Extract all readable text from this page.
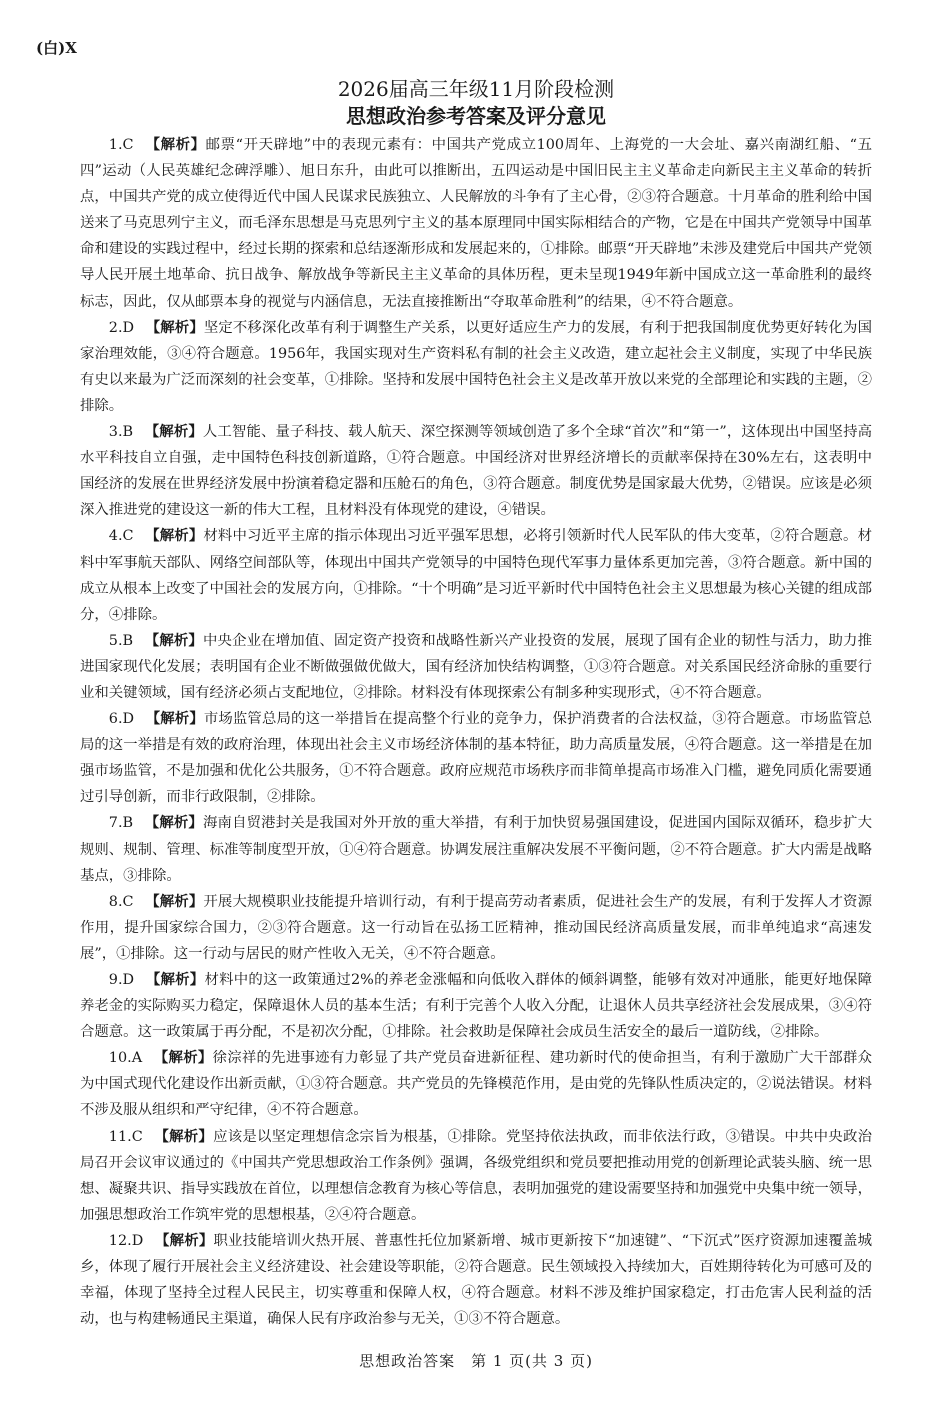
(白)X
2026届高三年级11月阶段检测
思想政治参考答案及评分意见

1.C 【解析】邮票“开天辟地”中的表现元素有：中国共产党成立100周年、上海党的一大会址、嘉兴南湖红船、“五四”运动（人民英雄纪念碑浮雕）、旭日东升，由此可以推断出，五四运动是中国旧民主主义革命走向新民主主义革命的转折点，中国共产党的成立使得近代中国人民谋求民族独立、人民解放的斗争有了主心骨，②③符合题意。十月革命的胜利给中国送来了马克思列宁主义，而毛泽东思想是马克思列宁主义的基本原理同中国实际相结合的产物，它是在中国共产党领导中国革命和建设的实践过程中，经过长期的探索和总结逐渐形成和发展起来的，①排除。邮票“开天辟地”未涉及建党后中国共产党领导人民开展土地革命、抗日战争、解放战争等新民主主义革命的具体历程，更未呈现1949年新中国成立这一革命胜利的最终标志，因此，仅从邮票本身的视觉与内涵信息，无法直接推断出“夺取革命胜利”的结果，④不符合题意。

2.D 【解析】坚定不移深化改革有利于调整生产关系，以更好适应生产力的发展，有利于把我国制度优势更好转化为国家治理效能，③④符合题意。1956年，我国实现对生产资料私有制的社会主义改造，建立起社会主义制度，实现了中华民族有史以来最为广泛而深刻的社会变革，①排除。坚持和发展中国特色社会主义是改革开放以来党的全部理论和实践的主题，②排除。

3.B 【解析】人工智能、量子科技、载人航天、深空探测等领域创造了多个全球“首次”和“第一”，这体现出中国坚持高水平科技自立自强，走中国特色科技创新道路，①符合题意。中国经济对世界经济增长的贡献率保持在30%左右，这表明中国经济的发展在世界经济发展中扮演着稳定器和压舱石的角色，③符合题意。制度优势是国家最大优势，②错误。应该是必须深入推进党的建设这一新的伟大工程，且材料没有体现党的建设，④错误。

4.C 【解析】材料中习近平主席的指示体现出习近平强军思想，必将引领新时代人民军队的伟大变革，②符合题意。材料中军事航天部队、网络空间部队等，体现出中国共产党领导的中国特色现代军事力量体系更加完善，③符合题意。新中国的成立从根本上改变了中国社会的发展方向，①排除。“十个明确”是习近平新时代中国特色社会主义思想最为核心关键的组成部分，④排除。

5.B 【解析】中央企业在增加值、固定资产投资和战略性新兴产业投资的发展，展现了国有企业的韧性与活力，助力推进国家现代化发展；表明国有企业不断做强做优做大，国有经济加快结构调整，①③符合题意。对关系国民经济命脉的重要行业和关键领域，国有经济必须占支配地位，②排除。材料没有体现探索公有制多种实现形式，④不符合题意。

6.D 【解析】市场监管总局的这一举措旨在提高整个行业的竞争力，保护消费者的合法权益，③符合题意。市场监管总局的这一举措是有效的政府治理，体现出社会主义市场经济体制的基本特征，助力高质量发展，④符合题意。这一举措是在加强市场监管，不是加强和优化公共服务，①不符合题意。政府应规范市场秩序而非简单提高市场准入门槛，避免同质化需要通过引导创新，而非行政限制，②排除。

7.B 【解析】海南自贸港封关是我国对外开放的重大举措，有利于加快贸易强国建设，促进国内国际双循环，稳步扩大规则、规制、管理、标准等制度型开放，①④符合题意。协调发展注重解决发展不平衡问题，②不符合题意。扩大内需是战略基点，③排除。

8.C 【解析】开展大规模职业技能提升培训行动，有利于提高劳动者素质，促进社会生产的发展，有利于发挥人才资源作用，提升国家综合国力，②③符合题意。这一行动旨在弘扬工匠精神，推动国民经济高质量发展，而非单纯追求“高速发展”，①排除。这一行动与居民的财产性收入无关，④不符合题意。

9.D 【解析】材料中的这一政策通过2%的养老金涨幅和向低收入群体的倾斜调整，能够有效对冲通胀，能更好地保障养老金的实际购买力稳定，保障退休人员的基本生活；有利于完善个人收入分配，让退休人员共享经济社会发展成果，③④符合题意。这一政策属于再分配，不是初次分配，①排除。社会救助是保障社会成员生活安全的最后一道防线，②排除。

10.A 【解析】徐淙祥的先进事迹有力彰显了共产党员奋进新征程、建功新时代的使命担当，有利于激励广大干部群众为中国式现代化建设作出新贡献，①③符合题意。共产党员的先锋模范作用，是由党的先锋队性质决定的，②说法错误。材料不涉及服从组织和严守纪律，④不符合题意。

11.C 【解析】应该是以坚定理想信念宗旨为根基，①排除。党坚持依法执政，而非依法行政，③错误。中共中央政治局召开会议审议通过的《中国共产党思想政治工作条例》强调，各级党组织和党员要把推动用党的创新理论武装头脑、统一思想、凝聚共识、指导实践放在首位，以理想信念教育为核心等信息，表明加强党的建设需要坚持和加强党中央集中统一领导，加强思想政治工作筑牢党的思想根基，②④符合题意。

12.D 【解析】职业技能培训火热开展、普惠性托位加紧新增、城市更新按下“加速键”、“下沉式”医疗资源加速覆盖城乡，体现了履行开展社会主义经济建设、社会建设等职能，②符合题意。民生领域投入持续加大，百姓期待转化为可感可及的幸福，体现了坚持全过程人民民主，切实尊重和保障人权，④符合题意。材料不涉及维护国家稳定，打击危害人民利益的活动，也与构建畅通民主渠道，确保人民有序政治参与无关，①③不符合题意。

思想政治答案　第 1 页(共 3 页)
